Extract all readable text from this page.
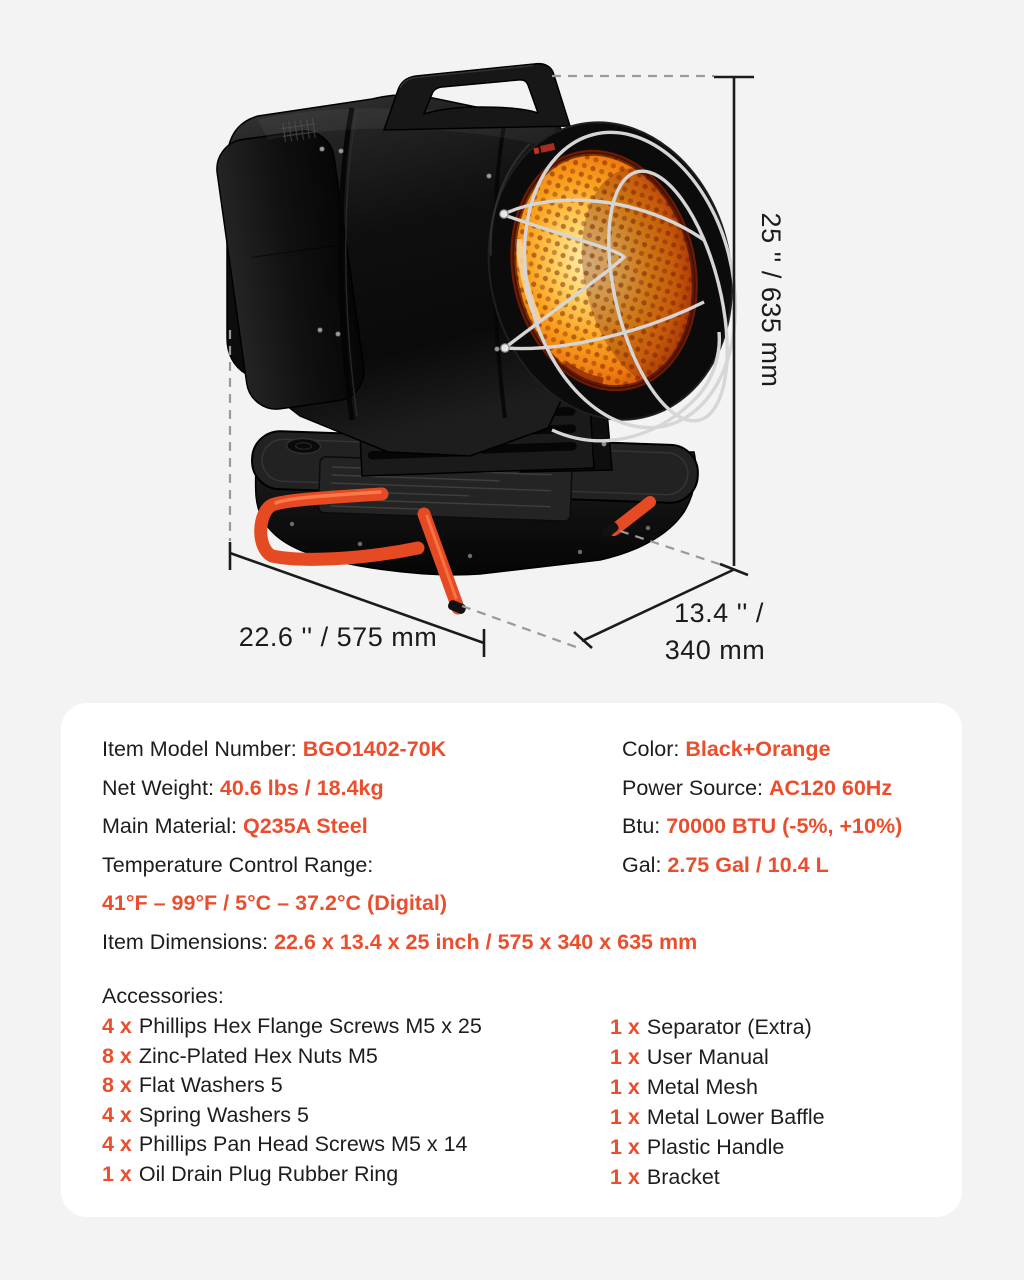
25 '' / 635 mm
22.6 '' / 575 mm
13.4 '' /
340 mm

Item Model Number: BGO1402-70K

Net Weight: 40.6 lbs / 18.4kg

Main Material: Q235A Steel

Temperature Control Range:

41°F – 99°F / 5°C – 37.2°C (Digital)

Item Dimensions: 22.6 x 13.4 x 25 inch / 575 x 340 x 635 mm

Color: Black+Orange

Power Source: AC120 60Hz

Btu: 70000 BTU (-5%, +10%)

Gal: 2.75 Gal / 10.4 L

Accessories:

4 x Phillips Hex Flange Screws M5 x 25
8 x Zinc-Plated Hex Nuts M5
8 x Flat Washers 5
4 x Spring Washers 5
4 x Phillips Pan Head Screws M5 x 14
1 x Oil Drain Plug Rubber Ring
1 x Separator (Extra)
1 x User Manual
1 x Metal Mesh
1 x Metal Lower Baffle
1 x Plastic Handle
1 x Bracket
